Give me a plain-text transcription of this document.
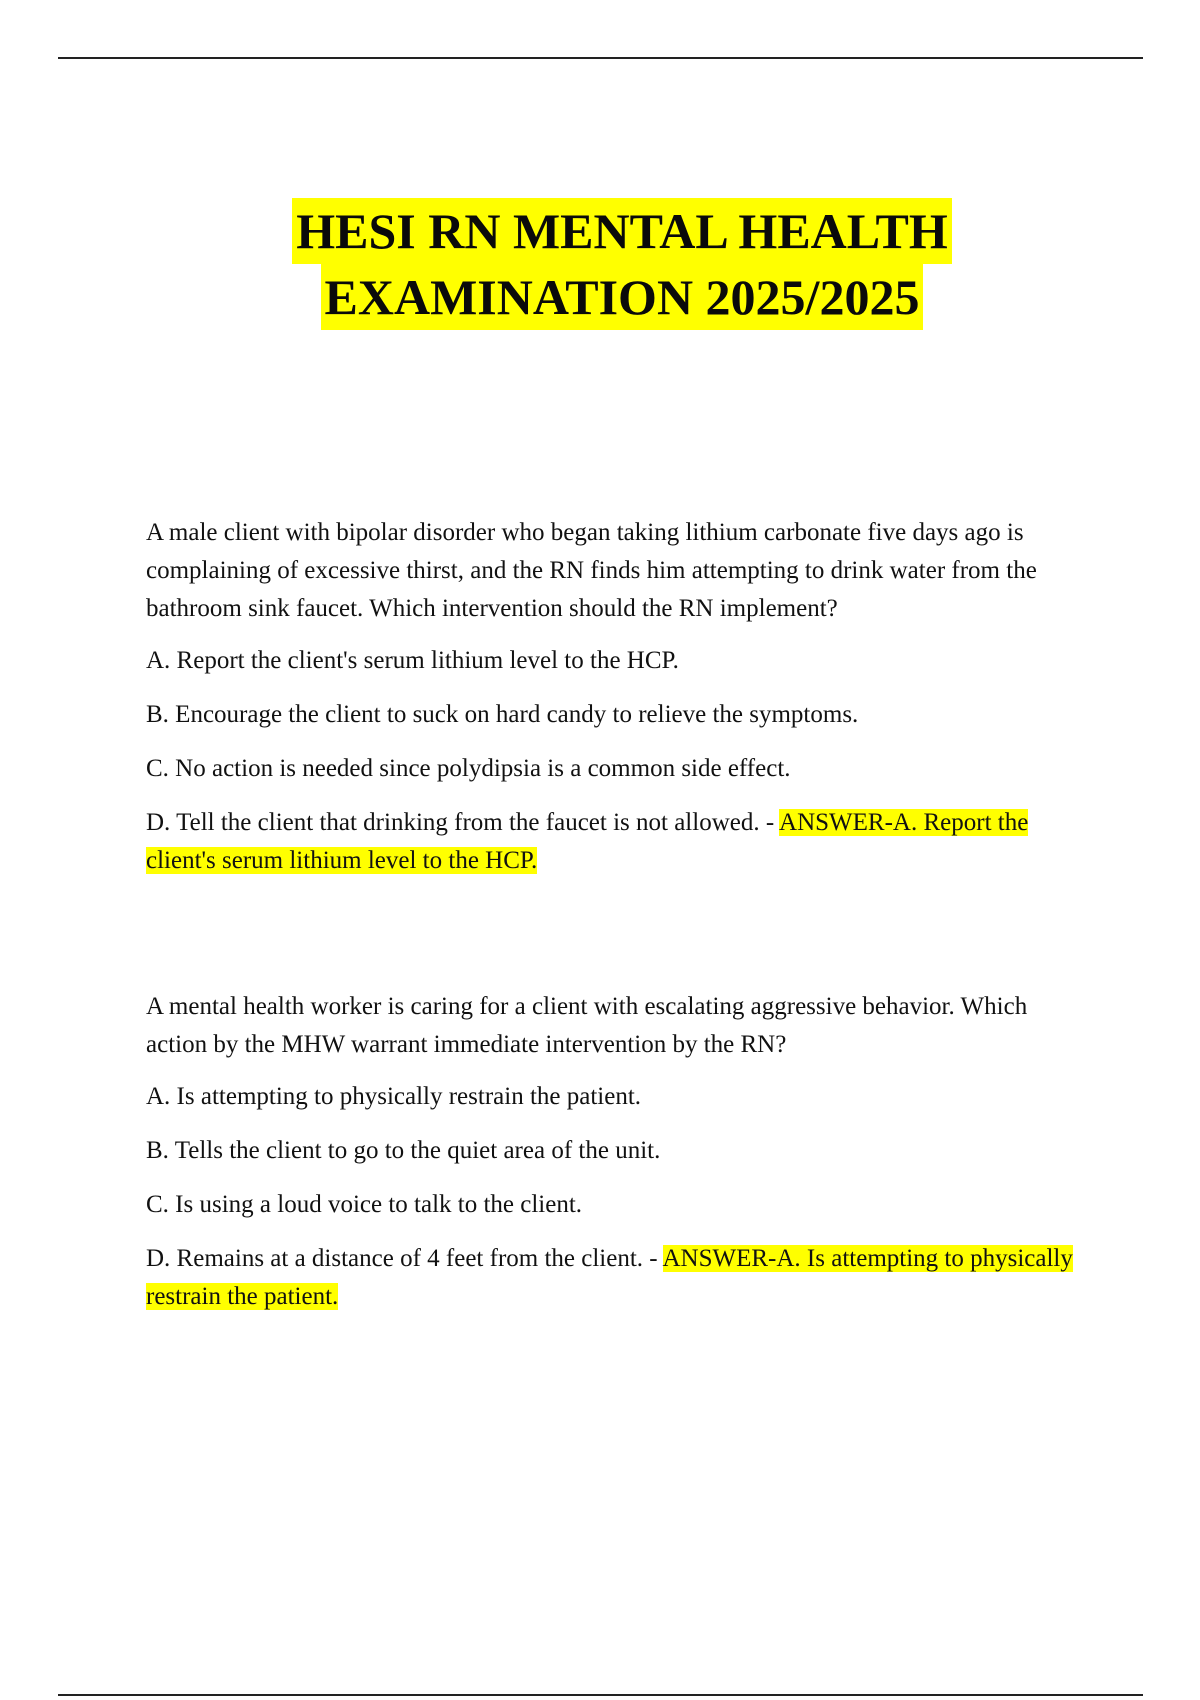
HESI RN MENTAL HEALTH
EXAMINATION 2025/2025

A male client with bipolar disorder who began taking lithium carbonate five days ago is complaining of excessive thirst, and the RN finds him attempting to drink water from the bathroom sink faucet. Which intervention should the RN implement?

A. Report the client's serum lithium level to the HCP.

B. Encourage the client to suck on hard candy to relieve the symptoms.

C. No action is needed since polydipsia is a common side effect.

D. Tell the client that drinking from the faucet is not allowed. - ANSWER-A. Report the client's serum lithium level to the HCP.

A mental health worker is caring for a client with escalating aggressive behavior. Which action by the MHW warrant immediate intervention by the RN?

A. Is attempting to physically restrain the patient.

B. Tells the client to go to the quiet area of the unit.

C. Is using a loud voice to talk to the client.

D. Remains at a distance of 4 feet from the client. - ANSWER-A. Is attempting to physically restrain the patient.
